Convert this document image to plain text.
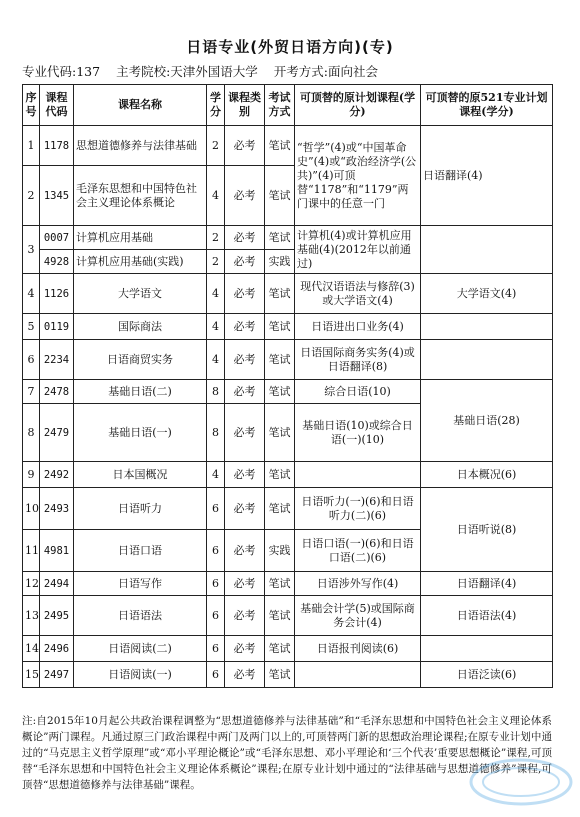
日语专业(外贸日语方向)(专)
专业代码:137 主考院校:天津外国语大学 开考方式:面向社会
序号	课程代码	课程名称	学分	课程类别	考试方式	可顶替的原计划课程(学分)	可顶替的原521专业计划课程(学分)
1	1178	思想道德修养与法律基础	2	必考	笔试	“哲学”(4)或“中国革命史”(4)或“政治经济学(公共)”(4)可顶替“1178”和“1179”两门课中的任意一门	日语翻译(4)
2	1345	毛泽东思想和中国特色社会主义理论体系概论	4	必考	笔试		
3	0007	计算机应用基础	2	必考	笔试	计算机(4)或计算机应用基础(4)(2012年以前通过)	
	4928	计算机应用基础(实践)	2	必考	实践		
4	1126	大学语文	4	必考	笔试	现代汉语语法与修辞(3)或大学语文(4)	大学语文(4)
5	0119	国际商法	4	必考	笔试	日语进出口业务(4)	
6	2234	日语商贸实务	4	必考	笔试	日语国际商务实务(4)或日语翻译(8)	
7	2478	基础日语(二)	8	必考	笔试	综合日语(10)	基础日语(28)
8	2479	基础日语(一)	8	必考	笔试	基础日语(10)或综合日语(一)(10)	
9	2492	日本国概况	4	必考	笔试		日本概况(6)
10	2493	日语听力	6	必考	笔试	日语听力(一)(6)和日语听力(二)(6)	日语听说(8)
11	4981	日语口语	6	必考	实践	日语口语(一)(6)和日语口语(二)(6)	
12	2494	日语写作	6	必考	笔试	日语涉外写作(4)	日语翻译(4)
13	2495	日语语法	6	必考	笔试	基础会计学(5)或国际商务会计(4)	日语语法(4)
14	2496	日语阅读(二)	6	必考	笔试	日语报刊阅读(6)	
15	2497	日语阅读(一)	6	必考	笔试		日语泛读(6)
注:自2015年10月起公共政治课程调整为“思想道德修养与法律基础”和“毛泽东思想和中国特色社会主义理论体系概论”两门课程。凡通过原三门政治课程中两门及两门以上的,可顶替两门新的思想政治理论课程;在原专业计划中通过的“马克思主义哲学原理”或“邓小平理论概论”或“毛泽东思想、邓小平理论和‘三个代表’重要思想概论”课程,可顶替“毛泽东思想和中国特色社会主义理论体系概论”课程;在原专业计划中通过的“法律基础与思想道德修养”课程,可顶替“思想道德修养与法律基础”课程。
